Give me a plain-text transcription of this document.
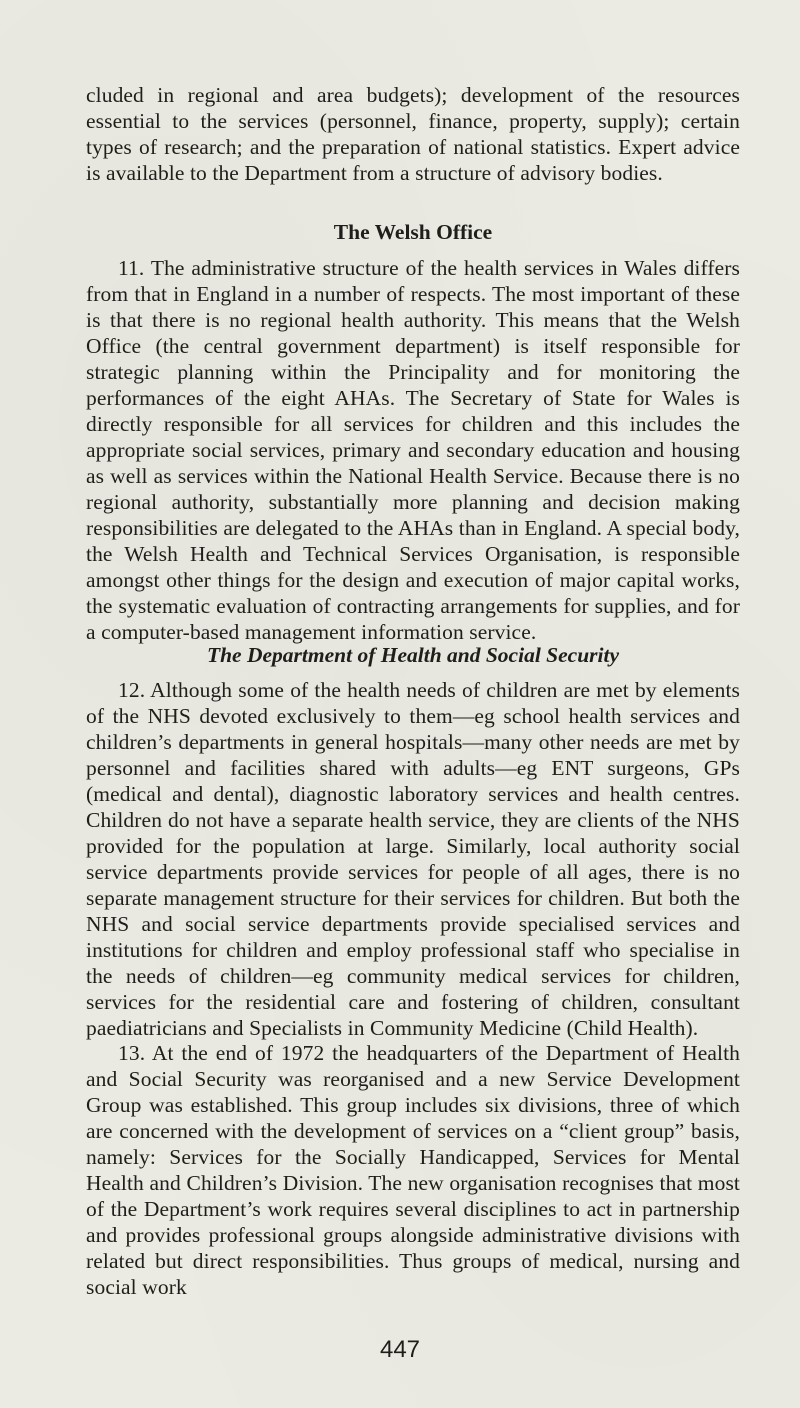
cluded in regional and area budgets); development of the resources essential to the services (personnel, finance, property, supply); certain types of research; and the preparation of national statistics. Expert advice is available to the Department from a structure of advisory bodies.

The Welsh Office

11. The administrative structure of the health services in Wales differs from that in England in a number of respects. The most important of these is that there is no regional health authority. This means that the Welsh Office (the central government department) is itself responsible for strategic planning within the Principality and for monitoring the performances of the eight AHAs. The Secretary of State for Wales is directly responsible for all services for children and this includes the appropriate social services, primary and secondary education and housing as well as services within the National Health Service. Because there is no regional authority, substantially more planning and decision making responsibilities are delegated to the AHAs than in England. A special body, the Welsh Health and Technical Services Organisation, is responsible amongst other things for the design and execution of major capital works, the systematic evaluation of contracting arrangements for supplies, and for a computer-based management information service.

The Department of Health and Social Security

12. Although some of the health needs of children are met by elements of the NHS devoted exclusively to them—eg school health services and children’s departments in general hospitals—many other needs are met by personnel and facilities shared with adults—eg ENT surgeons, GPs (medical and dental), diagnostic laboratory services and health centres. Children do not have a separate health service, they are clients of the NHS provided for the population at large. Similarly, local authority social service departments provide services for people of all ages, there is no separate management structure for their services for children. But both the NHS and social service departments provide specialised services and institutions for children and employ professional staff who specialise in the needs of children—eg community medical services for children, services for the residential care and fostering of children, consultant paediatricians and Specialists in Community Medicine (Child Health).

13. At the end of 1972 the headquarters of the Department of Health and Social Security was reorganised and a new Service Development Group was established. This group includes six divisions, three of which are concerned with the development of services on a “client group” basis, namely: Services for the Socially Handicapped, Services for Mental Health and Children’s Division. The new organisation recognises that most of the Department’s work requires several disciplines to act in partnership and provides professional groups alongside administrative divisions with related but direct responsibilities. Thus groups of medical, nursing and social work

447
